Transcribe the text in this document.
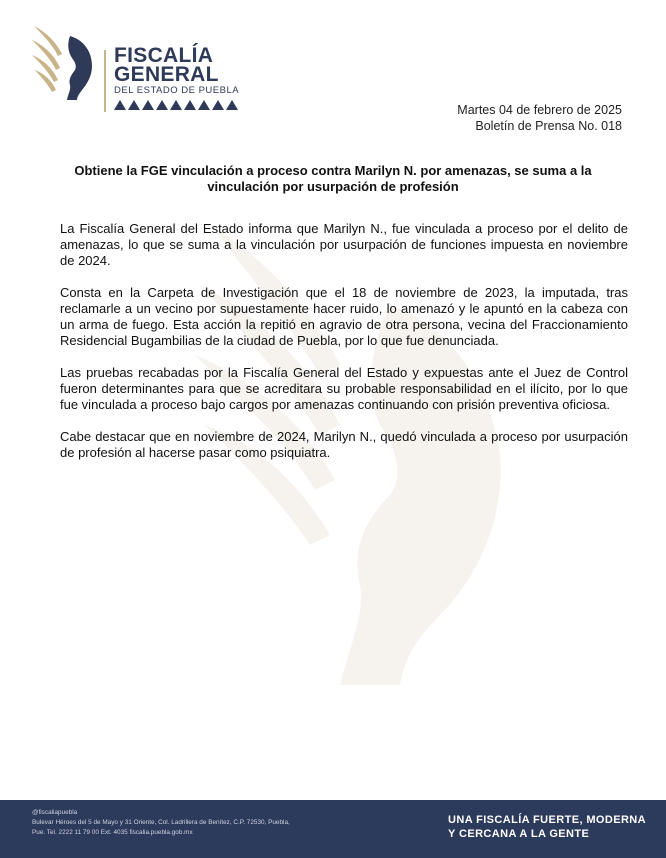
FISCALÍA
GENERAL
DEL ESTADO DE PUEBLA
Martes 04 de febrero de 2025
Boletín de Prensa No. 018
Obtiene la FGE vinculación a proceso contra Marilyn N. por amenazas, se suma a la
vinculación por usurpación de profesión

La Fiscalía General del Estado informa que Marilyn N., fue vinculada a proceso por el delito de amenazas, lo que se suma a la vinculación por usurpación de funciones impuesta en noviembre de 2024.

Consta en la Carpeta de Investigación que el 18 de noviembre de 2023, la imputada, tras reclamarle a un vecino por supuestamente hacer ruido, lo amenazó y le apuntó en la cabeza con un arma de fuego. Esta acción la repitió en agravio de otra persona, vecina del Fraccionamiento Residencial Bugambilias de la ciudad de Puebla, por lo que fue denunciada.

Las pruebas recabadas por la Fiscalía General del Estado y expuestas ante el Juez de Control fueron determinantes para que se acreditara su probable responsabilidad en el ilícito, por lo que fue vinculada a proceso bajo cargos por amenazas continuando con prisión preventiva oficiosa.

Cabe destacar que en noviembre de 2024, Marilyn N., quedó vinculada a proceso por usurpación de profesión al hacerse pasar como psiquiatra.

@fiscaliapuebla
Bulevar Héroes del 5 de Mayo y 31 Oriente, Col. Ladrillera de Benítez, C.P. 72530, Puebla,
Pue. Tel. 2222 11 79 00 Ext. 4035 fiscalia.puebla.gob.mx
UNA FISCALÍA FUERTE, MODERNA
Y CERCANA A LA GENTE
